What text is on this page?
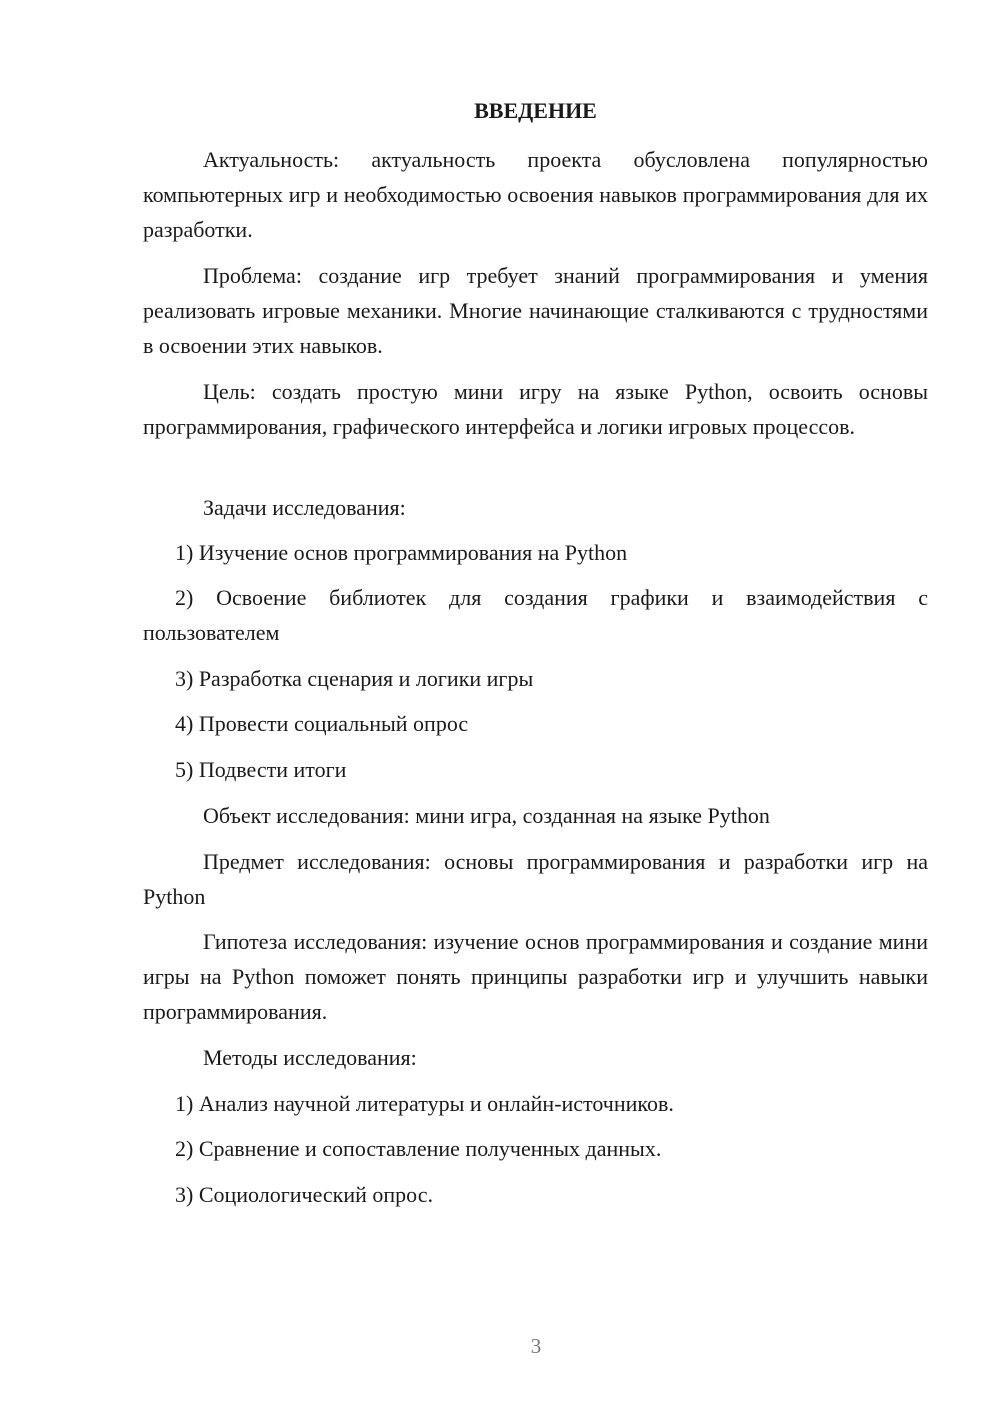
ВВЕДЕНИЕ
Актуальность: актуальность проекта обусловлена популярностью компьютерных игр и необходимостью освоения навыков программирования для их разработки.
Проблема: создание игр требует знаний программирования и умения реализовать игровые механики. Многие начинающие сталкиваются с трудностями в освоении этих навыков.
Цель: создать простую мини игру на языке Python, освоить основы программирования, графического интерфейса и логики игровых процессов.
Задачи исследования:
1) Изучение основ программирования на Python
2) Освоение библиотек для создания графики и взаимодействия с пользователем
3) Разработка сценария и логики игры
4) Провести социальный опрос
5) Подвести итоги
Объект исследования: мини игра, созданная на языке Python
Предмет исследования: основы программирования и разработки игр на Python
Гипотеза исследования: изучение основ программирования и создание мини игры на Python поможет понять принципы разработки игр и улучшить навыки программирования.
Методы исследования:
1) Анализ научной литературы и онлайн-источников.
2) Сравнение и сопоставление полученных данных.
3) Социологический опрос.
3
